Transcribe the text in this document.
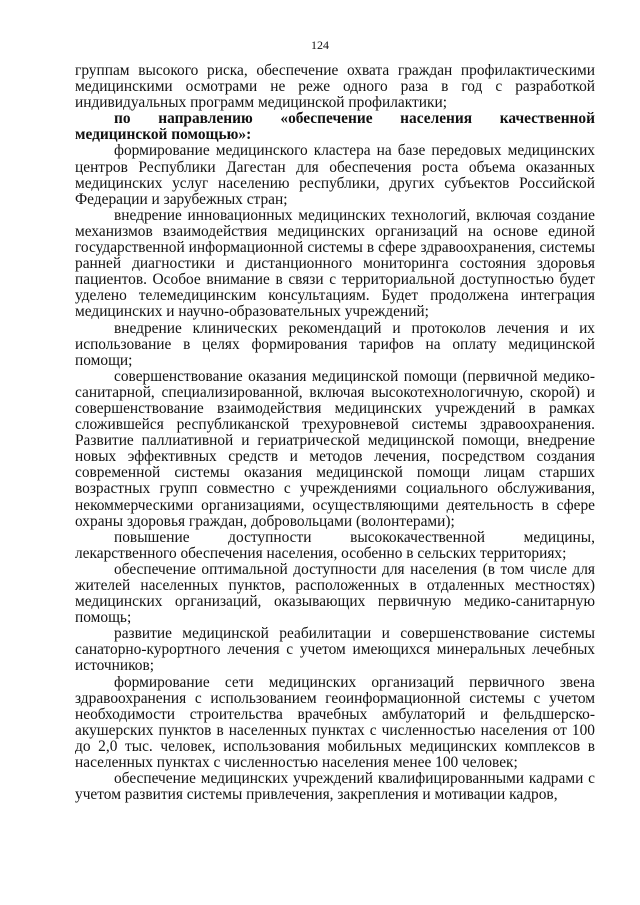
124

группам высокого риска, обеспечение охвата граждан профилактическими медицинскими осмотрами не реже одного раза в год с разработкой индивидуальных программ медицинской профилактики;

по направлению «обеспечение населения качественной медицинской помощью»:

формирование медицинского кластера на базе передовых медицинских центров Республики Дагестан для обеспечения роста объема оказанных медицинских услуг населению республики, других субъектов Российской Федерации и зарубежных стран;

внедрение инновационных медицинских технологий, включая создание механизмов взаимодействия медицинских организаций на основе единой государственной информационной системы в сфере здравоохранения, системы ранней диагностики и дистанционного мониторинга состояния здоровья пациентов. Особое внимание в связи с территориальной доступностью будет уделено телемедицинским консультациям. Будет продолжена интеграция медицинских и научно-образовательных учреждений;

внедрение клинических рекомендаций и протоколов лечения и их использование в целях формирования тарифов на оплату медицинской помощи;

совершенствование оказания медицинской помощи (первичной медико-санитарной, специализированной, включая высокотехнологичную, скорой) и совершенствование взаимодействия медицинских учреждений в рамках сложившейся республиканской трехуровневой системы здравоохранения. Развитие паллиативной и гериатрической медицинской помощи, внедрение новых эффективных средств и методов лечения, посредством создания современной системы оказания медицинской помощи лицам старших возрастных групп совместно с учреждениями социального обслуживания, некоммерческими организациями, осуществляющими деятельность в сфере охраны здоровья граждан, добровольцами (волонтерами);

повышение доступности высококачественной медицины, лекарственного обеспечения населения, особенно в сельских территориях;

обеспечение оптимальной доступности для населения (в том числе для жителей населенных пунктов, расположенных в отдаленных местностях) медицинских организаций, оказывающих первичную медико-санитарную помощь;

развитие медицинской реабилитации и совершенствование системы санаторно-курортного лечения с учетом имеющихся минеральных лечебных источников;

формирование сети медицинских организаций первичного звена здравоохранения с использованием геоинформационной системы с учетом необходимости строительства врачебных амбулаторий и фельдшерско-акушерских пунктов в населенных пунктах с численностью населения от 100 до 2,0 тыс. человек, использования мобильных медицинских комплексов в населенных пунктах с численностью населения менее 100 человек;

обеспечение медицинских учреждений квалифицированными кадрами с учетом развития системы привлечения, закрепления и мотивации кадров,
